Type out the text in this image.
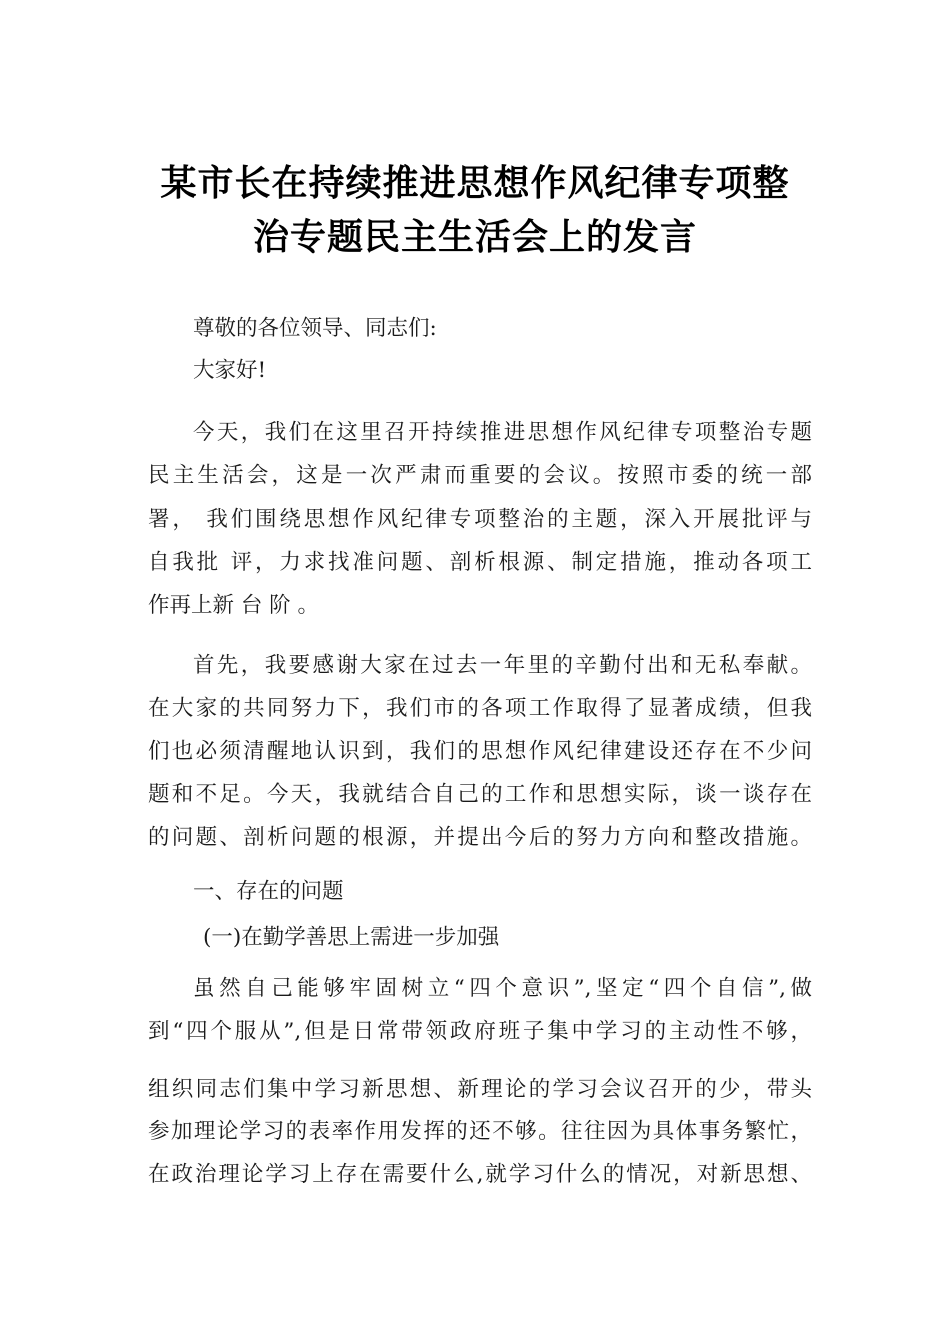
某市长在持续推进思想作风纪律专项整
治专题民主生活会上的发言
尊敬的各位领导、同志们:
大家好!
今天，我们在这里召开持续推进思想作风纪律专项整治专题
民主生活会，这是一次严肃而重要的会议。按照市委的统一部
署， 我们围绕思想作风纪律专项整治的主题，深入开展批评与
自我批 评，力求找准问题、剖析根源、制定措施，推动各项工
作再上新 台 阶 。
首先，我要感谢大家在过去一年里的辛勤付出和无私奉献。
在大家的共同努力下，我们市的各项工作取得了显著成绩，但我
们也必须清醒地认识到，我们的思想作风纪律建设还存在不少问
题和不足。今天，我就结合自己的工作和思想实际，谈一谈存在
的问题、剖析问题的根源，并提出今后的努力方向和整改措施。
一、存在的问题
(一)在勤学善思上需进一步加强
虽然自己能够牢固树立“四个意识”,坚定“四个自信”,做
到“四个服从”,但是日常带领政府班子集中学习的主动性不够，
组织同志们集中学习新思想、新理论的学习会议召开的少，带头
参加理论学习的表率作用发挥的还不够。往往因为具体事务繁忙，
在政治理论学习上存在需要什么,就学习什么的情况，对新思想、
